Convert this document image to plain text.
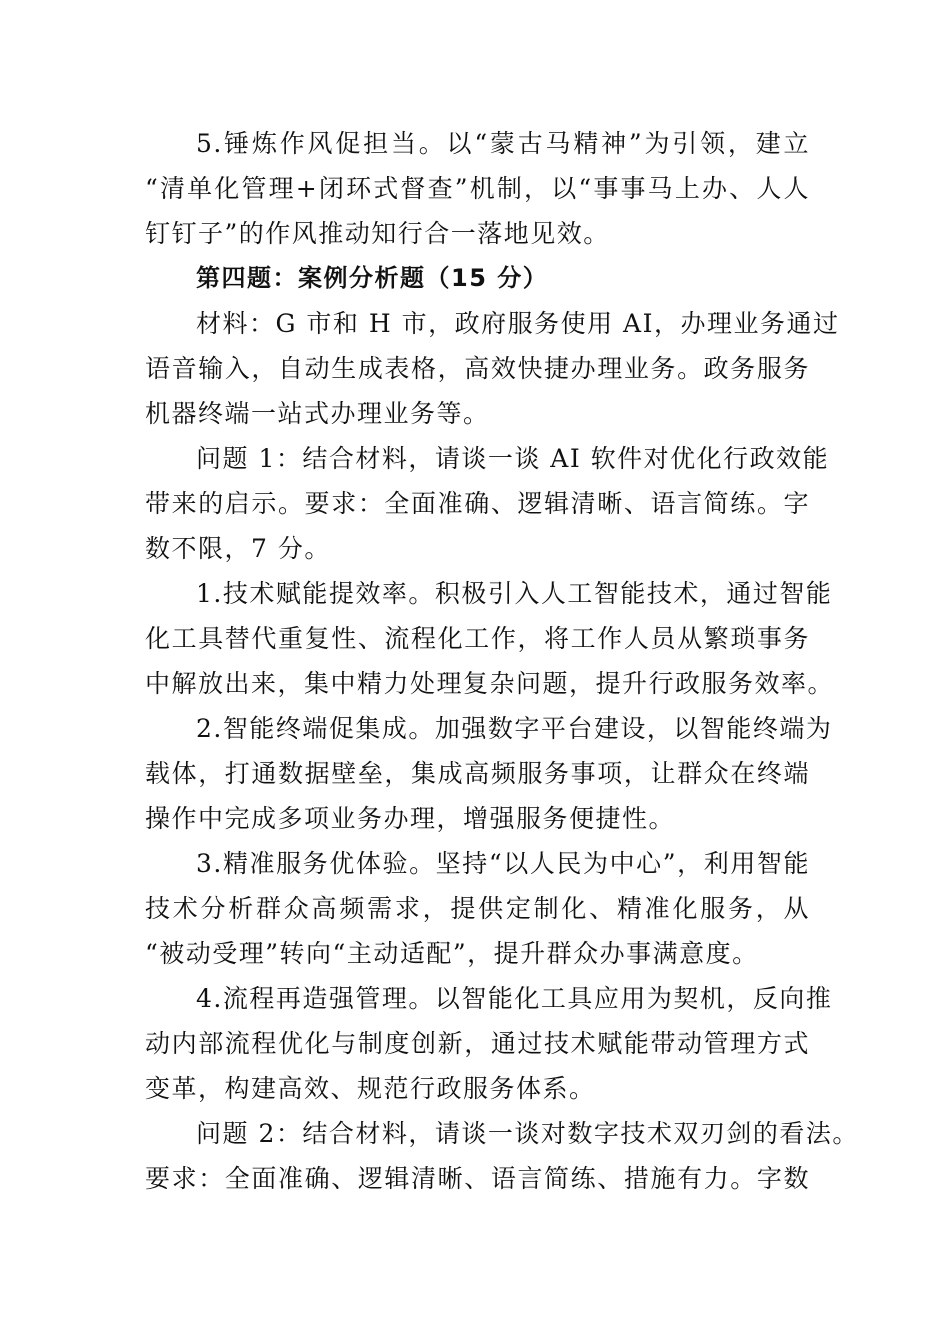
5.锤炼作风促担当。以“蒙古马精神”为引领，建立
“清单化管理+闭环式督查”机制，以“事事马上办、人人
钉钉子”的作风推动知行合一落地见效。
第四题：案例分析题（15 分）
材料：G 市和 H 市，政府服务使用 AI，办理业务通过
语音输入，自动生成表格，高效快捷办理业务。政务服务
机器终端一站式办理业务等。
问题 1：结合材料，请谈一谈 AI 软件对优化行政效能
带来的启示。要求：全面准确、逻辑清晰、语言简练。字
数不限，7 分。
1.技术赋能提效率。积极引入人工智能技术，通过智能
化工具替代重复性、流程化工作，将工作人员从繁琐事务
中解放出来，集中精力处理复杂问题，提升行政服务效率。
2.智能终端促集成。加强数字平台建设，以智能终端为
载体，打通数据壁垒，集成高频服务事项，让群众在终端
操作中完成多项业务办理，增强服务便捷性。
3.精准服务优体验。坚持“以人民为中心”，利用智能
技术分析群众高频需求，提供定制化、精准化服务，从
“被动受理”转向“主动适配”，提升群众办事满意度。
4.流程再造强管理。以智能化工具应用为契机，反向推
动内部流程优化与制度创新，通过技术赋能带动管理方式
变革，构建高效、规范行政服务体系。
问题 2：结合材料，请谈一谈对数字技术双刃剑的看法。
要求：全面准确、逻辑清晰、语言简练、措施有力。字数
